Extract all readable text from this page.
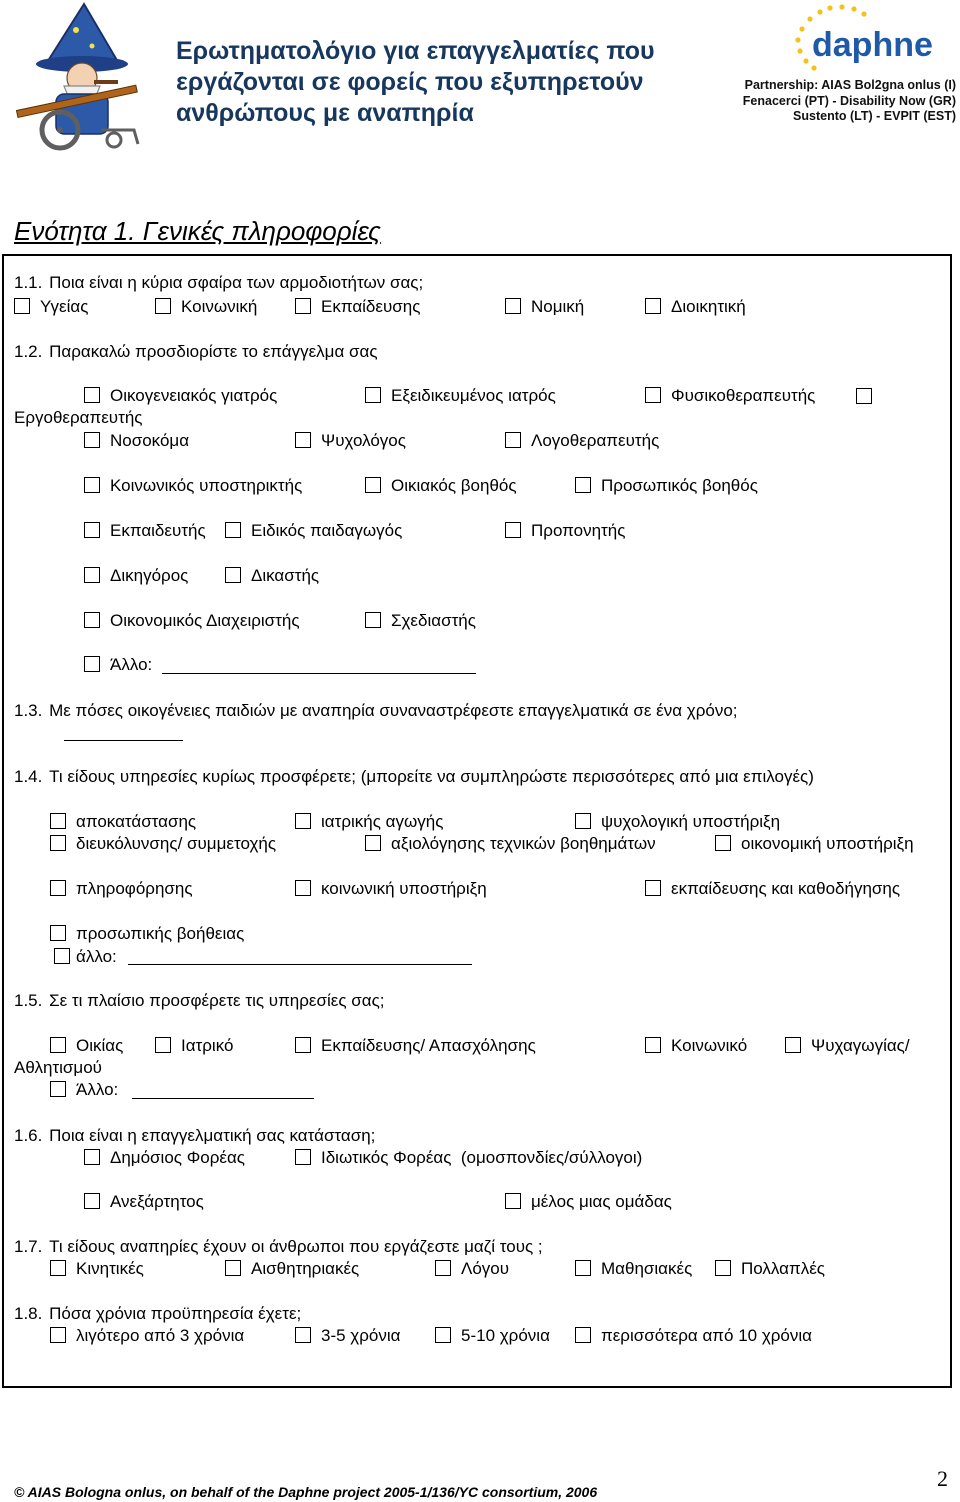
Ερωτηματολόγιο για επαγγελματίες που
εργάζονται σε φορείς που εξυπηρετούν
ανθρώπους με αναπηρία
daphne
Partnership: AIAS Bol2gna onlus (I)
Fenacerci (PT) - Disability Now (GR)
Sustento (LT) - EVPIT (EST)
Ενότητα 1. Γενικές πληροφορίες
1.1. Ποια είναι η κύρια σφαίρα των αρμοδιοτήτων σας;
Υγείας	Κοινωνική	Εκπαίδευσης	Νομική	Διοικητική
1.2. Παρακαλώ προσδιορίστε το επάγγελμα σας
Οικογενειακός γιατρός	Εξειδικευμένος ιατρός	Φυσικοθεραπευτής
Εργοθεραπευτής
Νοσοκόμα	Ψυχολόγος	Λογοθεραπευτής
Κοινωνικός υποστηρικτής	Οικιακός βοηθός	Προσωπικός βοηθός
Εκπαιδευτής	Ειδικός παιδαγωγός	Προπονητής
Δικηγόρος	Δικαστής
Οικονομικός Διαχειριστής	Σχεδιαστής
Άλλο:
1.3. Με πόσες οικογένειες παιδιών με αναπηρία συναναστρέφεστε επαγγελματικά σε ένα χρόνο;
1.4. Τι είδους υπηρεσίες κυρίως προσφέρετε; (μπορείτε να συμπληρώστε περισσότερες από μια επιλογές)
αποκατάστασης	ιατρικής αγωγής	ψυχολογική υποστήριξη
διευκόλυνσης/ συμμετοχής	αξιολόγησης τεχνικών βοηθημάτων	οικονομική υποστήριξη
πληροφόρησης	κοινωνική υποστήριξη	εκπαίδευσης και καθοδήγησης
προσωπικής βοήθειας
άλλο:
1.5. Σε τι πλαίσιο προσφέρετε τις υπηρεσίες σας;
Οικίας	Ιατρικό	Εκπαίδευσης/ Απασχόλησης	Κοινωνικό	Ψυχαγωγίας/
Αθλητισμού
Άλλο:
1.6. Ποια είναι η επαγγελματική σας κατάσταση;
Δημόσιος Φορέας	Ιδιωτικός Φορέας  (ομοσπονδίες/σύλλογοι)
Ανεξάρτητος	μέλος μιας ομάδας
1.7. Τι είδους αναπηρίες έχουν οι άνθρωποι που εργάζεστε μαζί τους ;
Κινητικές	Αισθητηριακές	Λόγου	Μαθησιακές	Πολλαπλές
1.8. Πόσα χρόνια προϋπηρεσία έχετε;
λιγότερο από 3 χρόνια	3-5 χρόνια	5-10 χρόνια	περισσότερα από 10 χρόνια
© AIAS Bologna onlus, on behalf of the Daphne project 2005-1/136/YC consortium, 2006
2
